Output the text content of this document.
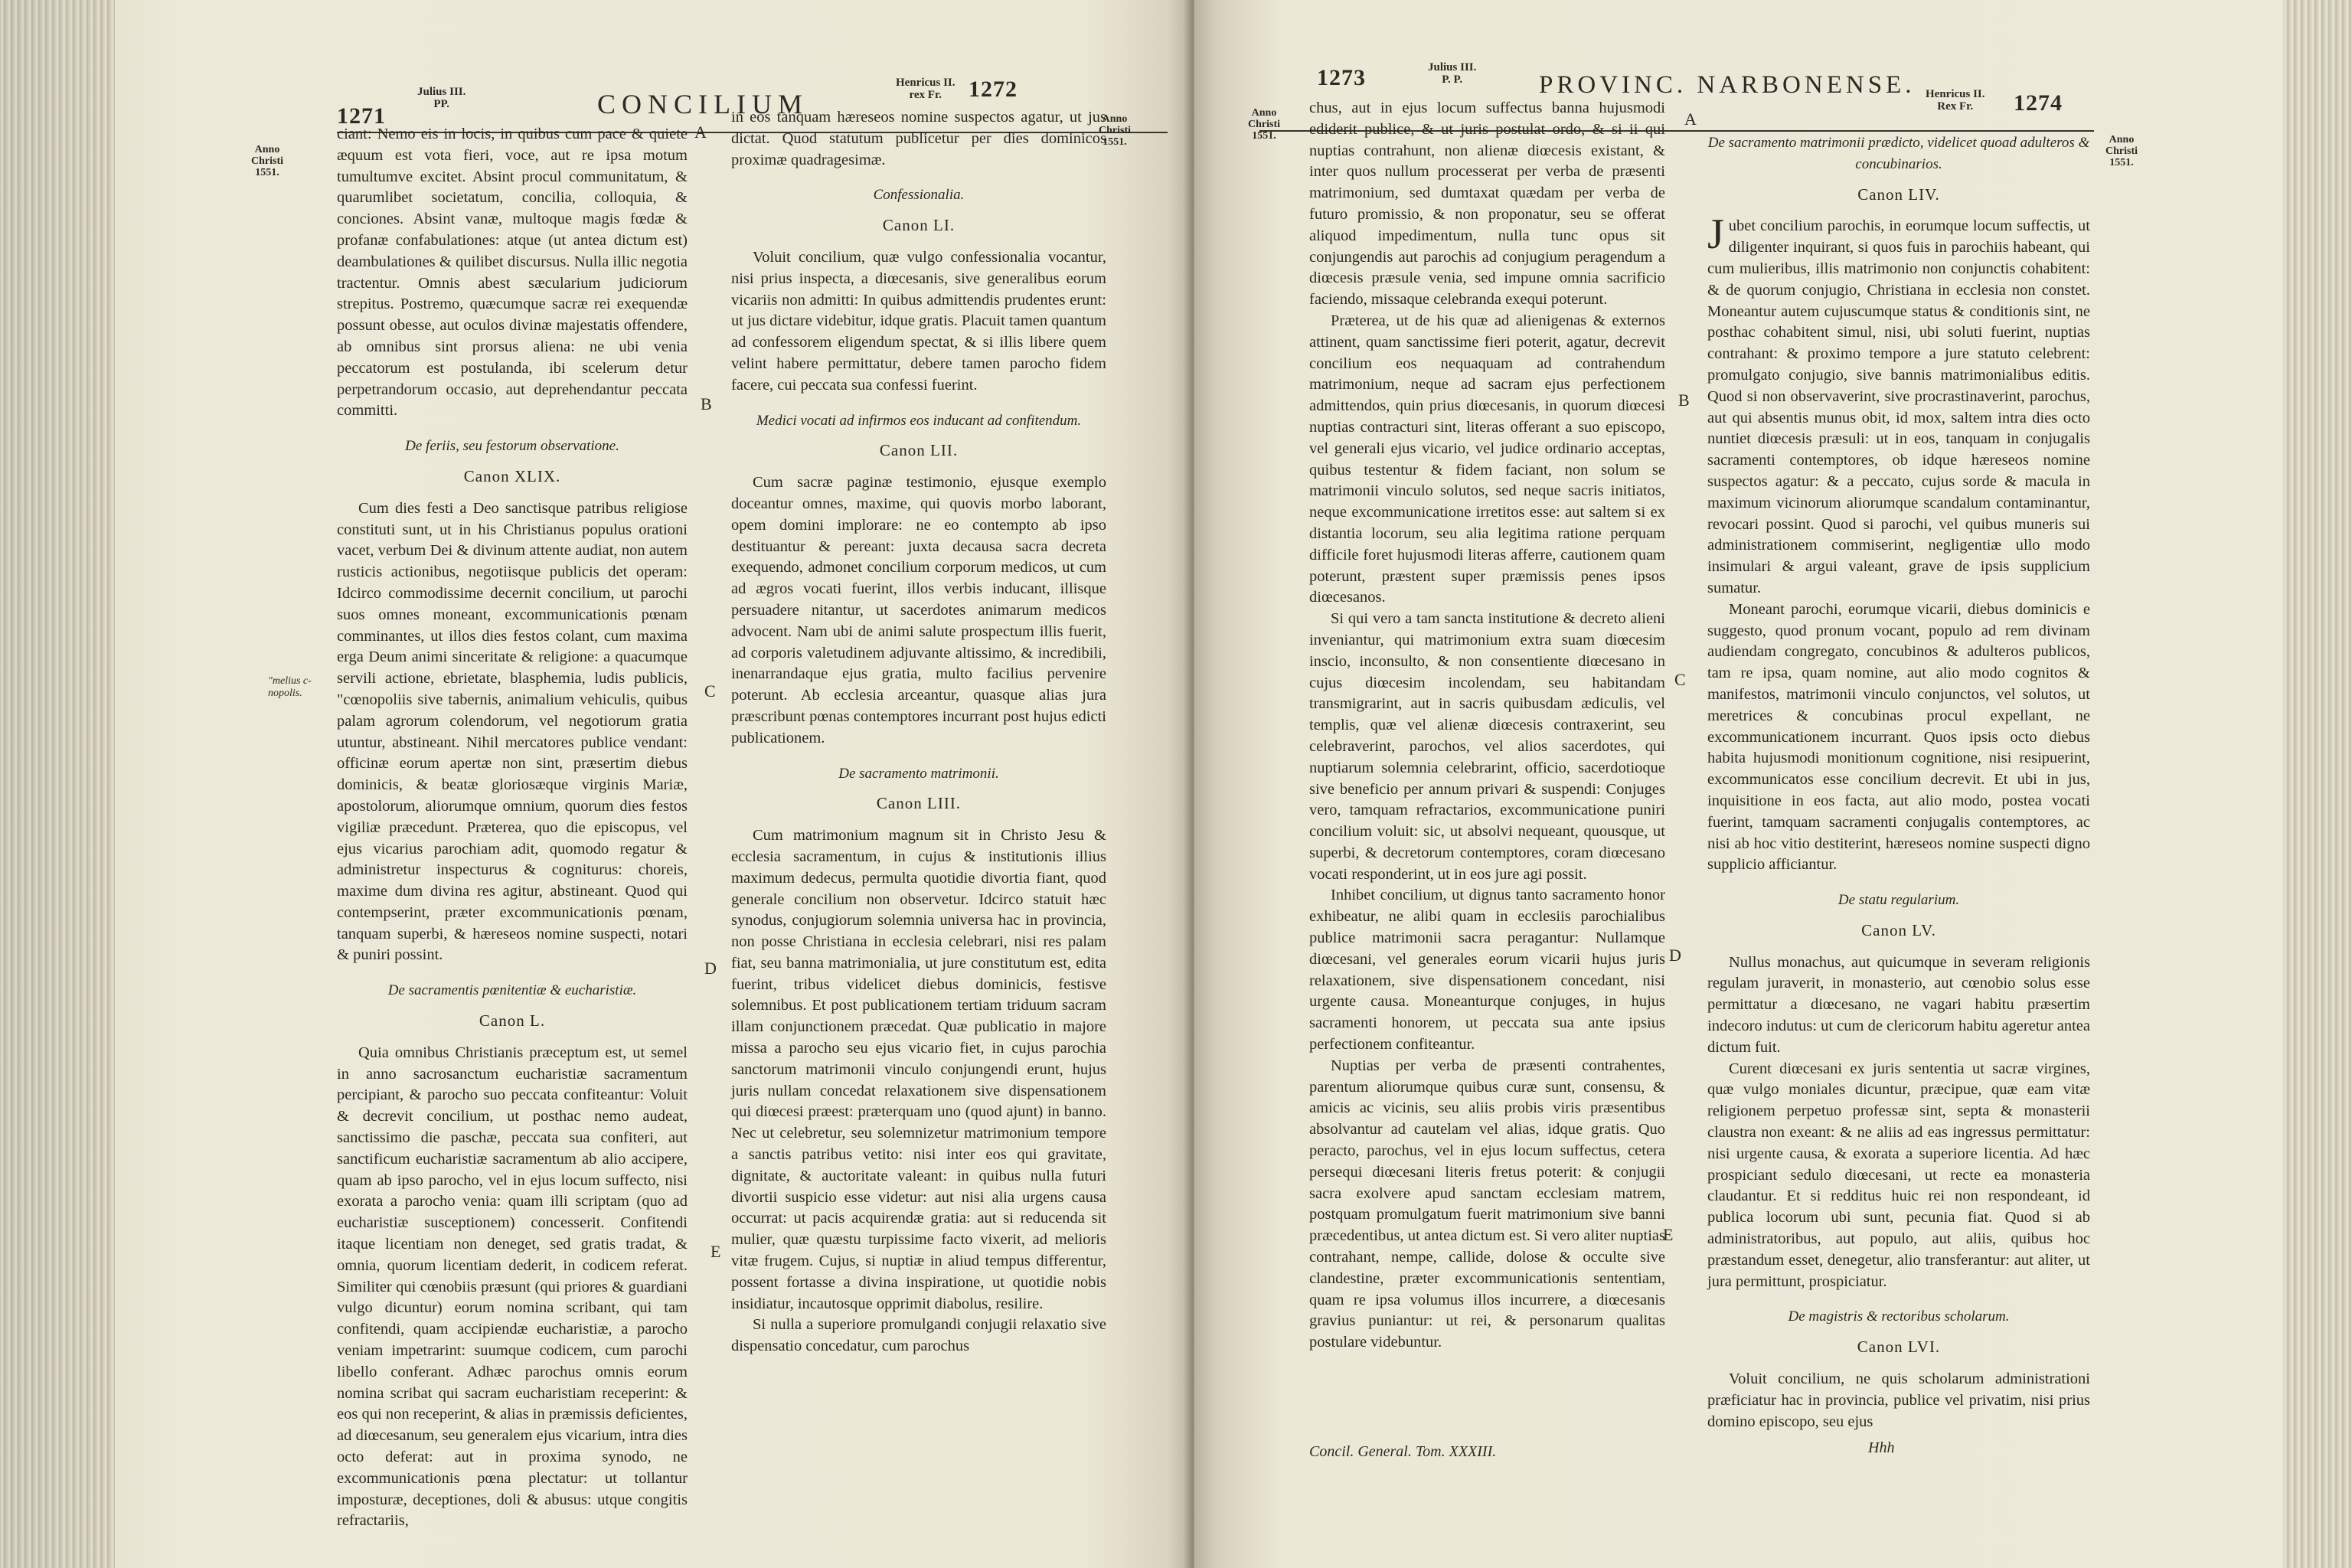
1271
Julius III.
PP.	CONCILIUM
Henricus II.
rex Fr.	1272
Anno
Christi
1551.
Anno
Christi
1551.
"melius c-
nopolis.
A
B
C
D
E

ciant: Nemo eis in locis, in quibus cum pace & quiete æquum est vota fieri, voce, aut re ipsa motum tumultumve excitet. Absint procul communitatum, & quarumlibet societatum, concilia, colloquia, & conciones. Absint vanæ, multoque magis fœdæ & profanæ confabulationes: atque (ut antea dictum est) deambulationes & quilibet discursus. Nulla illic negotia tractentur. Omnis abest sæcularium judiciorum strepitus. Postremo, quæcumque sacræ rei exequendæ possunt obesse, aut oculos divinæ majestatis offendere, ab omnibus sint prorsus aliena: ne ubi venia peccatorum est postulanda, ibi scelerum detur perpetrandorum occasio, aut deprehendantur peccata committi.

De feriis, seu festorum observatione.
Canon XLIX.

Cum dies festi a Deo sanctisque patribus religiose constituti sunt, ut in his Christianus populus orationi vacet, verbum Dei & divinum attente audiat, non autem rusticis actionibus, negotiisque publicis det operam: Idcirco commodissime decernit concilium, ut parochi suos omnes moneant, excommunicationis pœnam comminantes, ut illos dies festos colant, cum maxima erga Deum animi sinceritate & religione: a quacumque servili actione, ebrietate, blasphemia, ludis publicis, "cœnopoliis sive tabernis, animalium vehiculis, quibus palam agrorum colendorum, vel negotiorum gratia utuntur, abstineant. Nihil mercatores publice vendant: officinæ eorum apertæ non sint, præsertim diebus dominicis, & beatæ gloriosæque virginis Mariæ, apostolorum, aliorumque omnium, quorum dies festos vigiliæ præcedunt. Præterea, quo die episcopus, vel ejus vicarius parochiam adit, quomodo regatur & administretur inspecturus & cogniturus: choreis, maxime dum divina res agitur, abstineant. Quod qui contempserint, præter excommunicationis pœnam, tanquam superbi, & hæreseos nomine suspecti, notari & puniri possint.

De sacramentis pœnitentiæ & eucharistiæ.
Canon L.

Quia omnibus Christianis præceptum est, ut semel in anno sacrosanctum eucharistiæ sacramentum percipiant, & parocho suo peccata confiteantur: Voluit & decrevit concilium, ut posthac nemo audeat, sanctissimo die paschæ, peccata sua confiteri, aut sanctificum eucharistiæ sacramentum ab alio accipere, quam ab ipso parocho, vel in ejus locum suffecto, nisi exorata a parocho venia: quam illi scriptam (quo ad eucharistiæ susceptionem) concesserit. Confitendi itaque licentiam non deneget, sed gratis tradat, & omnia, quorum licentiam dederit, in codicem referat. Similiter qui cœnobiis præsunt (qui priores & guardiani vulgo dicuntur) eorum nomina scribant, qui tam confitendi, quam accipiendæ eucharistiæ, a parocho veniam impetrarint: suumque codicem, cum parochi libello conferant. Adhæc parochus omnis eorum nomina scribat qui sacram eucharistiam receperint: & eos qui non receperint, & alias in præmissis deficientes, ad diœcesanum, seu generalem ejus vicarium, intra dies octo deferat: aut in proxima synodo, ne excommunicationis pœna plectatur: ut tollantur imposturæ, deceptiones, doli & abusus: utque congitis refractariis,

in eos tanquam hæreseos nomine suspectos agatur, ut jus dictat. Quod statutum publicetur per dies dominicos proximæ quadragesimæ.

Confessionalia.
Canon LI.

Voluit concilium, quæ vulgo confessionalia vocantur, nisi prius inspecta, a diœcesanis, sive generalibus eorum vicariis non admitti: In quibus admittendis prudentes erunt: ut jus dictare videbitur, idque gratis. Placuit tamen quantum ad confessorem eligendum spectat, & si illis libere quem velint habere permittatur, debere tamen parocho fidem facere, cui peccata sua confessi fuerint.

Medici vocati ad infirmos eos inducant ad confitendum.
Canon LII.

Cum sacræ paginæ testimonio, ejusque exemplo doceantur omnes, maxime, qui quovis morbo laborant, opem domini implorare: ne eo contempto ab ipso destituantur & pereant: juxta decausa sacra decreta exequendo, admonet concilium corporum medicos, ut cum ad ægros vocati fuerint, illos verbis inducant, illisque persuadere nitantur, ut sacerdotes animarum medicos advocent. Nam ubi de animi salute prospectum illis fuerit, ad corporis valetudinem adjuvante altissimo, & incredibili, inenarrandaque ejus gratia, multo facilius pervenire poterunt. Ab ecclesia arceantur, quasque alias jura præscribunt pœnas contemptores incurrant post hujus edicti publicationem.

De sacramento matrimonii.
Canon LIII.

Cum matrimonium magnum sit in Christo Jesu & ecclesia sacramentum, in cujus & institutionis illius maximum dedecus, permulta quotidie divortia fiant, quod generale concilium non observetur. Idcirco statuit hæc synodus, conjugiorum solemnia universa hac in provincia, non posse Christiana in ecclesia celebrari, nisi res palam fiat, seu banna matrimonialia, ut jure constitutum est, edita fuerint, tribus videlicet diebus dominicis, festisve solemnibus. Et post publicationem tertiam triduum sacram illam conjunctionem præcedat. Quæ publicatio in majore missa a parocho seu ejus vicario fiet, in cujus parochia sanctorum matrimonii vinculo conjungendi erunt, hujus juris nullam concedat relaxationem sive dispensationem qui diœcesi præest: præterquam uno (quod ajunt) in banno. Nec ut celebretur, seu solemnizetur matrimonium tempore a sanctis patribus vetito: nisi inter eos qui gravitate, dignitate, & auctoritate valeant: in quibus nulla futuri divortii suspicio esse videtur: aut nisi alia urgens causa occurrat: ut pacis acquirendæ gratia: aut si reducenda sit mulier, quæ quæstu turpissime facto vixerit, ad melioris vitæ frugem. Cujus, si nuptiæ in aliud tempus differentur, possent fortasse a divina inspiratione, ut quotidie nobis insidiatur, incautosque opprimit diabolus, resilire.

Si nulla a superiore promulgandi conjugii relaxatio sive dispensatio concedatur, cum parochus

1273	Julius III.
P. P.	PROVINC. NARBONENSE. Henricus II.
Rex Fr.	1274
Anno
Christi
1551.	Anno
Christi
1551.
A
B
C
D
E

chus, aut in ejus locum suffectus banna hujusmodi ediderit publice, & ut juris postulat ordo, & si ii qui nuptias contrahunt, non alienæ diœcesis existant, & inter quos nullum processerat per verba de præsenti matrimonium, sed dumtaxat quædam per verba de futuro promissio, & non proponatur, seu se offerat aliquod impedimentum, nulla tunc opus sit conjungendis aut parochis ad conjugium peragendum a diœcesis præsule venia, sed impune omnia sacrificio faciendo, missaque celebranda exequi poterunt.

Præterea, ut de his quæ ad alienigenas & externos attinent, quam sanctissime fieri poterit, agatur, decrevit concilium eos nequaquam ad contrahendum matrimonium, neque ad sacram ejus perfectionem admittendos, quin prius diœcesanis, in quorum diœcesi nuptias contracturi sint, literas offerant a suo episcopo, vel generali ejus vicario, vel judice ordinario acceptas, quibus testentur & fidem faciant, non solum se matrimonii vinculo solutos, sed neque sacris initiatos, neque excommunicatione irretitos esse: aut saltem si ex distantia locorum, seu alia legitima ratione perquam difficile foret hujusmodi literas afferre, cautionem quam poterunt, præstent super præmissis penes ipsos diœcesanos.

Si qui vero a tam sancta institutione & decreto alieni inveniantur, qui matrimonium extra suam diœcesim inscio, inconsulto, & non consentiente diœcesano in cujus diœcesim incolendam, seu habitandam transmigrarint, aut in sacris quibusdam ædiculis, vel templis, quæ vel alienæ diœcesis contraxerint, seu celebraverint, parochos, vel alios sacerdotes, qui nuptiarum solemnia celebrarint, officio, sacerdotioque sive beneficio per annum privari & suspendi: Conjuges vero, tamquam refractarios, excommunicatione puniri concilium voluit: sic, ut absolvi nequeant, quousque, ut superbi, & decretorum contemptores, coram diœcesano vocati responderint, ut in eos jure agi possit.

Inhibet concilium, ut dignus tanto sacramento honor exhibeatur, ne alibi quam in ecclesiis parochialibus publice matrimonii sacra peragantur: Nullamque diœcesani, vel generales eorum vicarii hujus juris relaxationem, sive dispensationem concedant, nisi urgente causa. Moneanturque conjuges, in hujus sacramenti honorem, ut peccata sua ante ipsius perfectionem confiteantur.

Nuptias per verba de præsenti contrahentes, parentum aliorumque quibus curæ sunt, consensu, & amicis ac vicinis, seu aliis probis viris præsentibus absolvantur ad cautelam vel alias, idque gratis. Quo peracto, parochus, vel in ejus locum suffectus, cetera persequi diœcesani literis fretus poterit: & conjugii sacra exolvere apud sanctam ecclesiam matrem, postquam promulgatum fuerit matrimonium sive banni præcedentibus, ut antea dictum est. Si vero aliter nuptias contrahant, nempe, callide, dolose & occulte sive clandestine, præter excommunicationis sententiam, quam re ipsa volumus illos incurrere, a diœcesanis gravius puniantur: ut rei, & personarum qualitas postulare videbuntur.

De sacramento matrimonii prædicto, videlicet quoad adulteros & concubinarios.
Canon LIV.

Jubet concilium parochis, in eorumque locum suffectis, ut diligenter inquirant, si quos fuis in parochiis habeant, qui cum mulieribus, illis matrimonio non conjunctis cohabitent: & de quorum conjugio, Christiana in ecclesia non constet. Moneantur autem cujuscumque status & conditionis sint, ne posthac cohabitent simul, nisi, ubi soluti fuerint, nuptias contrahant: & proximo tempore a jure statuto celebrent: promulgato conjugio, sive bannis matrimonialibus editis. Quod si non observaverint, sive procrastinaverint, parochus, aut qui absentis munus obit, id mox, saltem intra dies octo nuntiet diœcesis præsuli: ut in eos, tanquam in conjugalis sacramenti contemptores, ob idque hæreseos nomine suspectos agatur: & a peccato, cujus sorde & macula in maximum vicinorum aliorumque scandalum contaminantur, revocari possint. Quod si parochi, vel quibus muneris sui administrationem commiserint, negligentiæ ullo modo insimulari & argui valeant, grave de ipsis supplicium sumatur.

Moneant parochi, eorumque vicarii, diebus dominicis e suggesto, quod pronum vocant, populo ad rem divinam audiendam congregato, concubinos & adulteros publicos, tam re ipsa, quam nomine, aut alio modo cognitos & manifestos, matrimonii vinculo conjunctos, vel solutos, ut meretrices & concubinas procul expellant, ne excommunicationem incurrant. Quos ipsis octo diebus habita hujusmodi monitionum cognitione, nisi resipuerint, excommunicatos esse concilium decrevit. Et ubi in jus, inquisitione in eos facta, aut alio modo, postea vocati fuerint, tamquam sacramenti conjugalis contemptores, ac nisi ab hoc vitio destiterint, hæreseos nomine suspecti digno supplicio afficiantur.

De statu regularium.
Canon LV.

Nullus monachus, aut quicumque in severam religionis regulam juraverit, in monasterio, aut cœnobio solus esse permittatur a diœcesano, ne vagari habitu præsertim indecoro indutus: ut cum de clericorum habitu ageretur antea dictum fuit.

Curent diœcesani ex juris sententia ut sacræ virgines, quæ vulgo moniales dicuntur, præcipue, quæ eam vitæ religionem perpetuo professæ sint, septa & monasterii claustra non exeant: & ne aliis ad eas ingressus permittatur: nisi urgente causa, & exorata a superiore licentia. Ad hæc prospiciant sedulo diœcesani, ut recte ea monasteria claudantur. Et si redditus huic rei non respondeant, id publica locorum ubi sunt, pecunia fiat. Quod si ab administratoribus, aut populo, aut aliis, quibus hoc præstandum esset, denegetur, alio transferantur: aut aliter, ut jura permittunt, prospiciatur.

De magistris & rectoribus scholarum.
Canon LVI.

Voluit concilium, ne quis scholarum administrationi præficiatur hac in provincia, publice vel privatim, nisi prius domino episcopo, seu ejus

Concil. General. Tom. XXXIII.	Hhh
